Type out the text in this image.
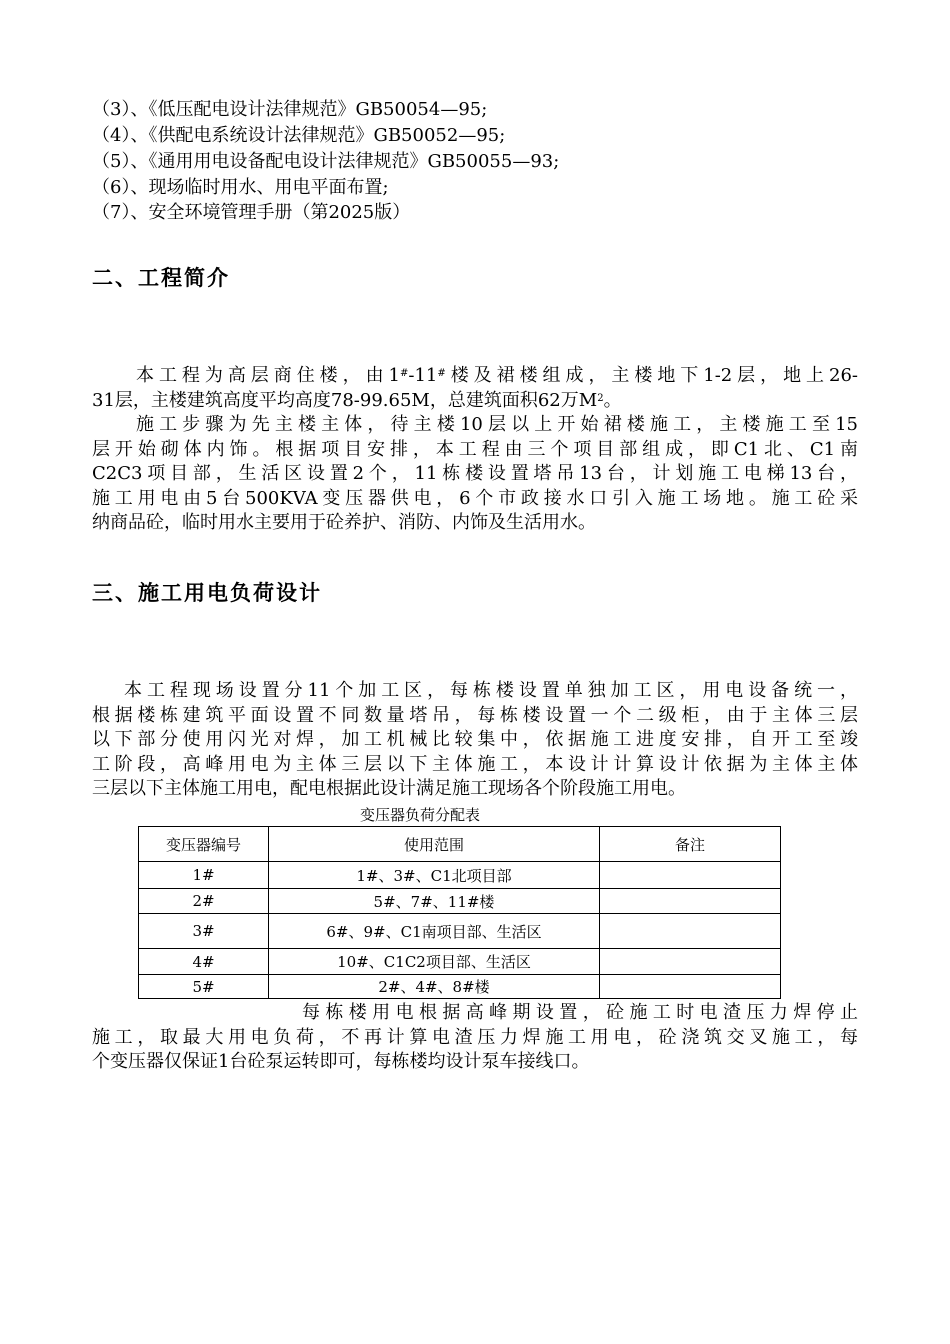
（3）、《低压配电设计法律规范》GB50054—95;
（4）、《供配电系统设计法律规范》GB50052—95;
（5）、《通用用电设备配电设计法律规范》GB50055—93;
（6）、现场临时用水、用电平面布置;
（7）、安全环境管理手册（第2025版）
二、工程简介
本工程为高层商住楼，由1#-11#楼及裙楼组成，主楼地下1-2层，地上26-
31层，主楼建筑高度平均高度78-99.65M，总建筑面积62万$M^2$。
施工步骤为先主楼主体，待主楼10层以上开始裙楼施工，主楼施工至15
层开始砌体内饰。根据项目安排，本工程由三个项目部组成，即C1北、C1南
C2C3项目部，生活区设置2个，11栋楼设置塔吊13台，计划施工电梯13台，
施工用电由5台500KVA变压器供电，6个市政接水口引入施工场地。施工砼采
纳商品砼，临时用水主要用于砼养护、消防、内饰及生活用水。
三、施工用电负荷设计
本工程现场设置分11个加工区，每栋楼设置单独加工区，用电设备统一，
根据楼栋建筑平面设置不同数量塔吊，每栋楼设置一个二级柜，由于主体三层
以下部分使用闪光对焊，加工机械比较集中，依据施工进度安排，自开工至竣
工阶段，高峰用电为主体三层以下主体施工，本设计计算设计依据为主体主体
三层以下主体施工用电，配电根据此设计满足施工现场各个阶段施工用电。
变压器负荷分配表
变压器编号	使用范围	备注
1#	1#、3#、C1北项目部	
2#	5#、7#、11#楼	
3#	6#、9#、C1南项目部、生活区	
4#	10#、C1C2项目部、生活区	
5#	2#、4#、8#楼	
每栋楼用电根据高峰期设置，砼施工时电渣压力焊停止
施工，取最大用电负荷，不再计算电渣压力焊施工用电，砼浇筑交叉施工，每
个变压器仅保证1台砼泵运转即可，每栋楼均设计泵车接线口。
